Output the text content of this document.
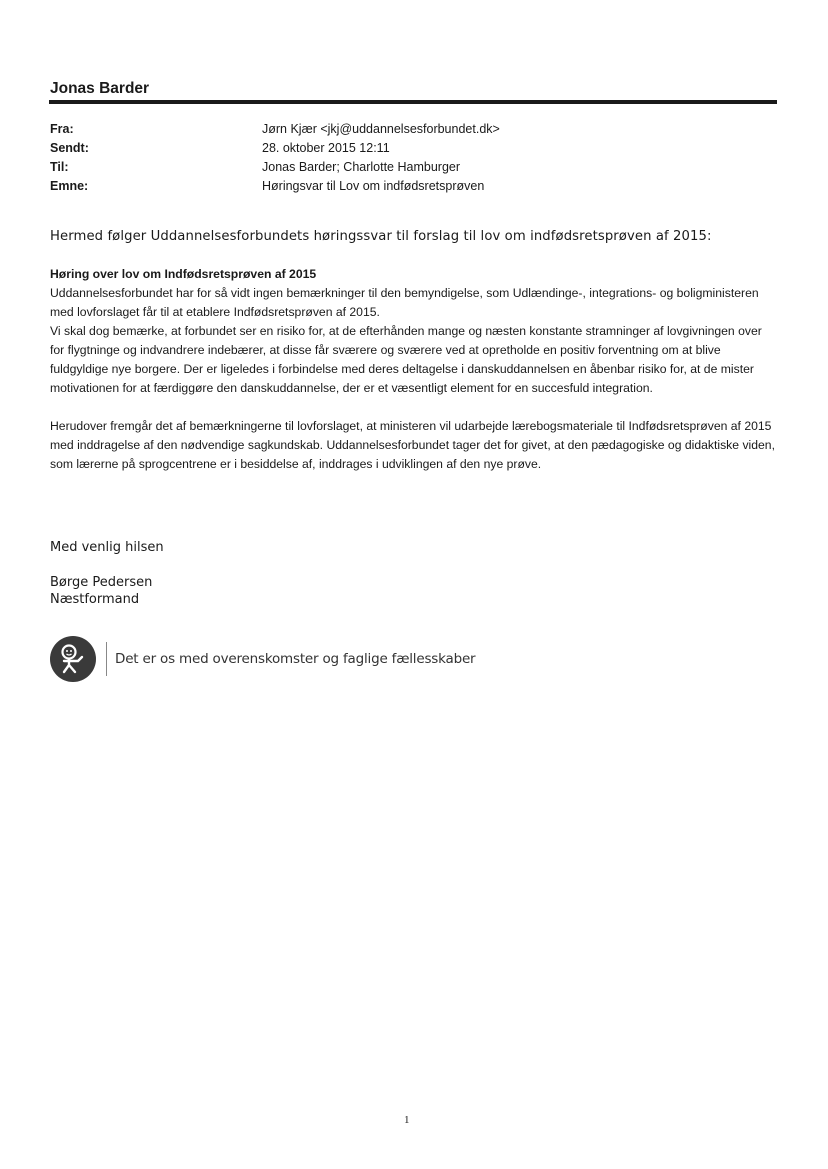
Jonas Barder
Fra:	Jørn Kjær <jkj@uddannelsesforbundet.dk>
Sendt:	28. oktober 2015 12:11
Til:	Jonas Barder; Charlotte Hamburger
Emne:	Høringsvar til Lov om indfødsretsprøven
Hermed følger Uddannelsesforbundets høringssvar til forslag til lov om indfødsretsprøven af 2015:

Høring over lov om Indfødsretsprøven af 2015

Uddannelsesforbundet har for så vidt ingen bemærkninger til den bemyndigelse, som Udlændinge-, integrations- og boligministeren med lovforslaget får til at etablere Indfødsretsprøven af 2015.

Vi skal dog bemærke, at forbundet ser en risiko for, at de efterhånden mange og næsten konstante stramninger af lovgivningen over for flygtninge og indvandrere indebærer, at disse får sværere og sværere ved at opretholde en positiv forventning om at blive fuldgyldige nye borgere. Der er ligeledes i forbindelse med deres deltagelse i danskuddannelsen en åbenbar risiko for, at de mister motivationen for at færdiggøre den danskuddannelse, der er et væsentligt element for en succesfuld integration.

Herudover fremgår det af bemærkningerne til lovforslaget, at ministeren vil udarbejde lærebogsmateriale til Indfødsretsprøven af 2015 med inddragelse af den nødvendige sagkundskab. Uddannelsesforbundet tager det for givet, at den pædagogiske og didaktiske viden, som lærerne på sprogcentrene er i besiddelse af, inddrages i udviklingen af den nye prøve.

Med venlig hilsen
Børge Pedersen
Næstformand
Det er os med overenskomster og faglige fællesskaber
1
